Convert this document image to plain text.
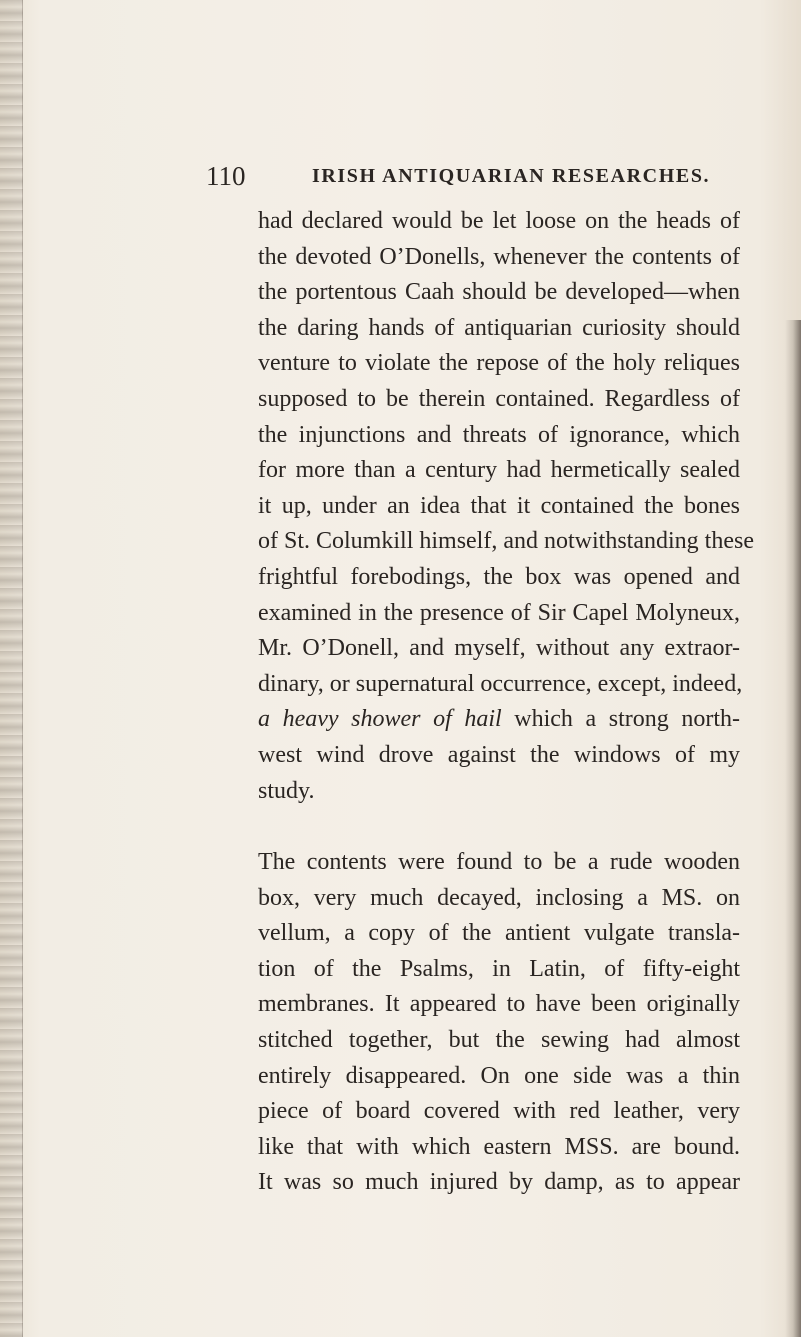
110	IRISH ANTIQUARIAN RESEARCHES.
had declared would be let loose on the heads of
the devoted O’Donells, whenever the contents of
the portentous Caah should be developed—when
the daring hands of antiquarian curiosity should
venture to violate the repose of the holy reliques
supposed to be therein contained. Regardless of
the injunctions and threats of ignorance, which
for more than a century had hermetically sealed
it up, under an idea that it contained the bones
of St. Columkill himself, and notwithstanding these
frightful forebodings, the box was opened and
examined in the presence of Sir Capel Molyneux,
Mr. O’Donell, and myself, without any extraor-
dinary, or supernatural occurrence, except, indeed,
a heavy shower of hail which a strong north-
west wind drove against the windows of my
study.
The contents were found to be a rude wooden
box, very much decayed, inclosing a MS. on
vellum, a copy of the antient vulgate transla-
tion of the Psalms, in Latin, of fifty-eight
membranes. It appeared to have been originally
stitched together, but the sewing had almost
entirely disappeared. On one side was a thin
piece of board covered with red leather, very
like that with which eastern MSS. are bound.
It was so much injured by damp, as to appear
